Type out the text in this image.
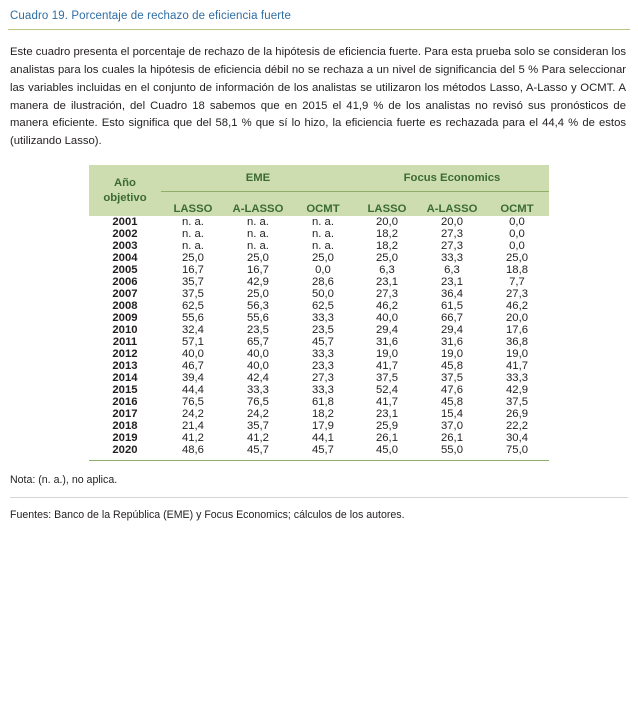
Cuadro 19. Porcentaje de rechazo de eficiencia fuerte

Este cuadro presenta el porcentaje de rechazo de la hipótesis de eficiencia fuerte. Para esta prueba solo se consideran los analistas para los cuales la hipótesis de eficiencia débil no se rechaza a un nivel de significancia del 5 % Para seleccionar las variables incluidas en el conjunto de información de los analistas se utilizaron los métodos Lasso, A-Lasso y OCMT. A manera de ilustración, del Cuadro 18 sabemos que en 2015 el 41,9 % de los analistas no revisó sus pronósticos de manera eficiente. Esto significa que del 58,1 % que sí lo hizo, la eficiencia fuerte es rechazada para el 44,4 % de estos (utilizando Lasso).

Año
objetivo	EME			Focus Economics		
	LASSO	A-LASSO	OCMT	LASSO	A-LASSO	OCMT
2001	n. a.	n. a.	n. a.	20,0	20,0	0,0
2002	n. a.	n. a.	n. a.	18,2	27,3	0,0
2003	n. a.	n. a.	n. a.	18,2	27,3	0,0
2004	25,0	25,0	25,0	25,0	33,3	25,0
2005	16,7	16,7	0,0	6,3	6,3	18,8
2006	35,7	42,9	28,6	23,1	23,1	7,7
2007	37,5	25,0	50,0	27,3	36,4	27,3
2008	62,5	56,3	62,5	46,2	61,5	46,2
2009	55,6	55,6	33,3	40,0	66,7	20,0
2010	32,4	23,5	23,5	29,4	29,4	17,6
2011	57,1	65,7	45,7	31,6	31,6	36,8
2012	40,0	40,0	33,3	19,0	19,0	19,0
2013	46,7	40,0	23,3	41,7	45,8	41,7
2014	39,4	42,4	27,3	37,5	37,5	33,3
2015	44,4	33,3	33,3	52,4	47,6	42,9
2016	76,5	76,5	61,8	41,7	45,8	37,5
2017	24,2	24,2	18,2	23,1	15,4	26,9
2018	21,4	35,7	17,9	25,9	37,0	22,2
2019	41,2	41,2	44,1	26,1	26,1	30,4
2020	48,6	45,7	45,7	45,0	55,0	75,0
Nota: (n. a.), no aplica.
Fuentes: Banco de la República (EME) y Focus Economics; cálculos de los autores.
